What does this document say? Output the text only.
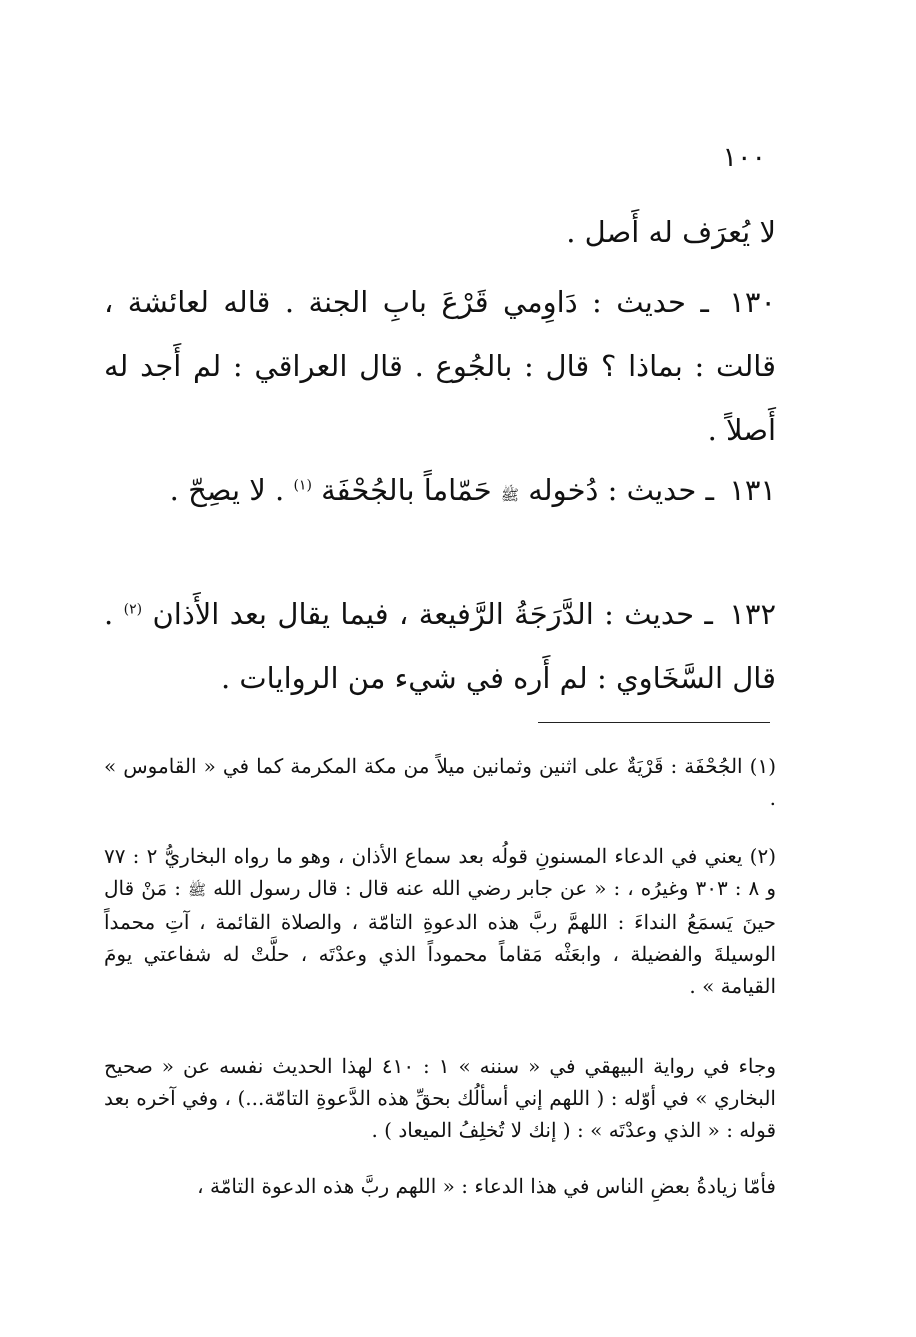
١٠٠

لا يُعرَف له أَصل .

١٣٠ ـ حديث : دَاوِمي قَرْعَ بابِ الجنة . قاله لعائشة ، قالت : بماذا ؟ قال : بالجُوع . قال العراقي : لم أَجد له أَصلاً .

١٣١ ـ حديث : دُخوله ﷺ حَمّاماً بالجُحْفَة $^{(١)}$ . لا يصِحّ .

١٣٢ ـ حديث : الدَّرَجَةُ الرَّفيعة ، فيما يقال بعد الأَذان $^{(٢)}$ . قال السَّخَاوي : لم أَره في شيء من الروايات .

(١) الجُحْفَة : قَرْيَةٌ على اثنين وثمانين ميلاً من مكة المكرمة كما في « القاموس » .

(٢) يعني في الدعاء المسنونِ قولُه بعد سماع الأذان ، وهو ما رواه البخاريُّ ٢ : ٧٧ و ٨ : ٣٠٣ وغيرُه ، : « عن جابر رضي الله عنه قال : قال رسول الله ﷺ : مَنْ قال حينَ يَسمَعُ النداءَ : اللهمَّ ربَّ هذه الدعوةِ التامّة ، والصلاة القائمة ، آتِ محمداً الوسيلةَ والفضيلة ، وابعَثْه مَقاماً محموداً الذي وعدْتَه ، حلَّتْ له شفاعتي يومَ القيامة » .

وجاء في رواية البيهقي في « سننه » ١ : ٤١٠ لهذا الحديث نفسه عن « صحيح البخاري » في أوّله : ( اللهم إني أسألُك بحقِّ هذه الدَّعوةِ التامّة...) ، وفي آخره بعد قوله : « الذي وعدْتَه » : ( إنك لا تُخلِفُ الميعاد ) .

فأمّا زيادةُ بعضِ الناس في هذا الدعاء : « اللهم ربَّ هذه الدعوة التامّة ،
